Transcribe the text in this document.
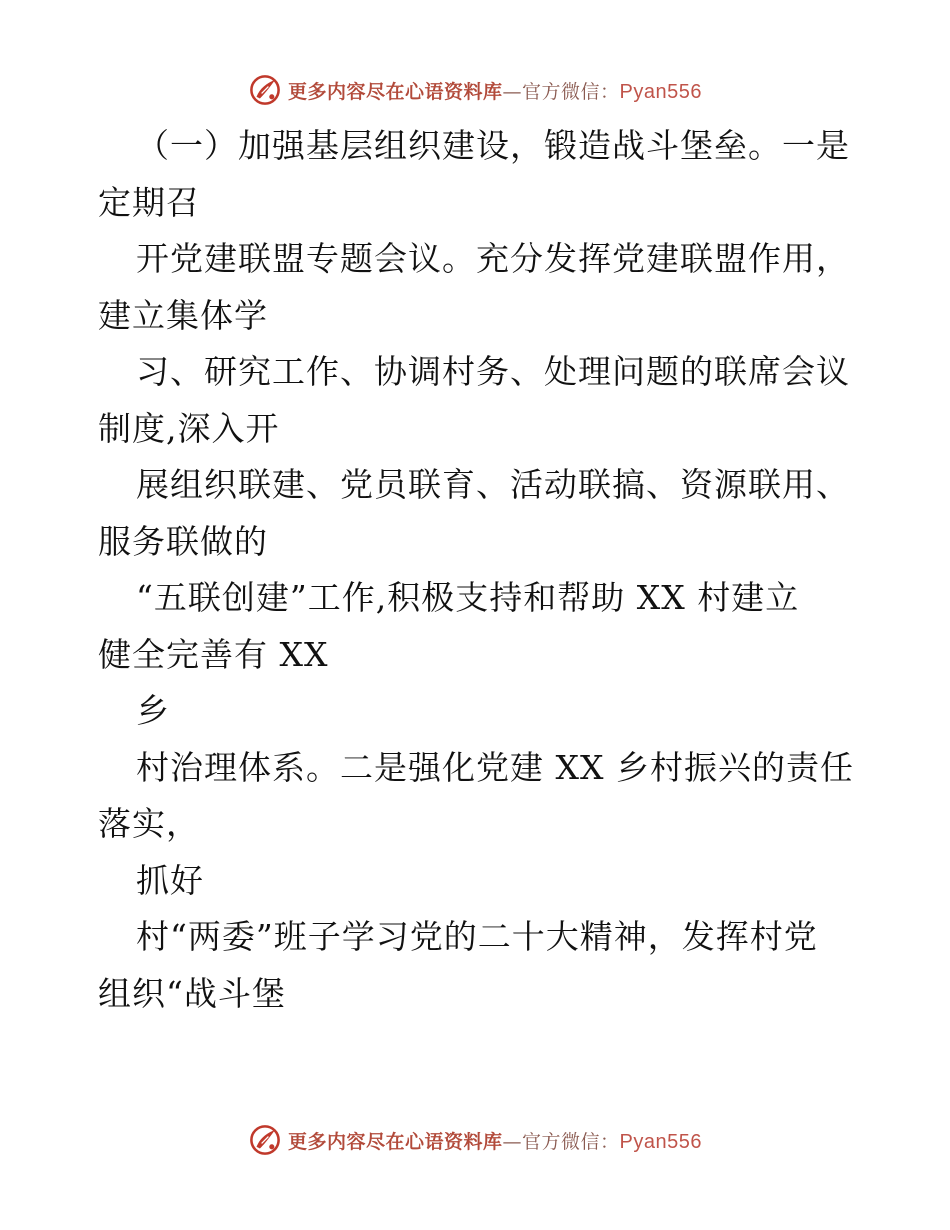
更多内容尽在心语资料库 —官方微信： Pyan556
（一）加强基层组织建设，锻造战斗堡垒。一是
定期召
开党建联盟专题会议。充分发挥党建联盟作用，
建立集体学
习、研究工作、协调村务、处理问题的联席会议
制度,深入开
展组织联建、党员联育、活动联搞、资源联用、
服务联做的
“五联创建”工作,积极支持和帮助 XX 村建立
健全完善有 XX
乡
村治理体系。二是强化党建 XX 乡村振兴的责任
落实，
抓好
村“两委”班子学习党的二十大精神，发挥村党
组织“战斗堡
更多内容尽在心语资料库 —官方微信： Pyan556
